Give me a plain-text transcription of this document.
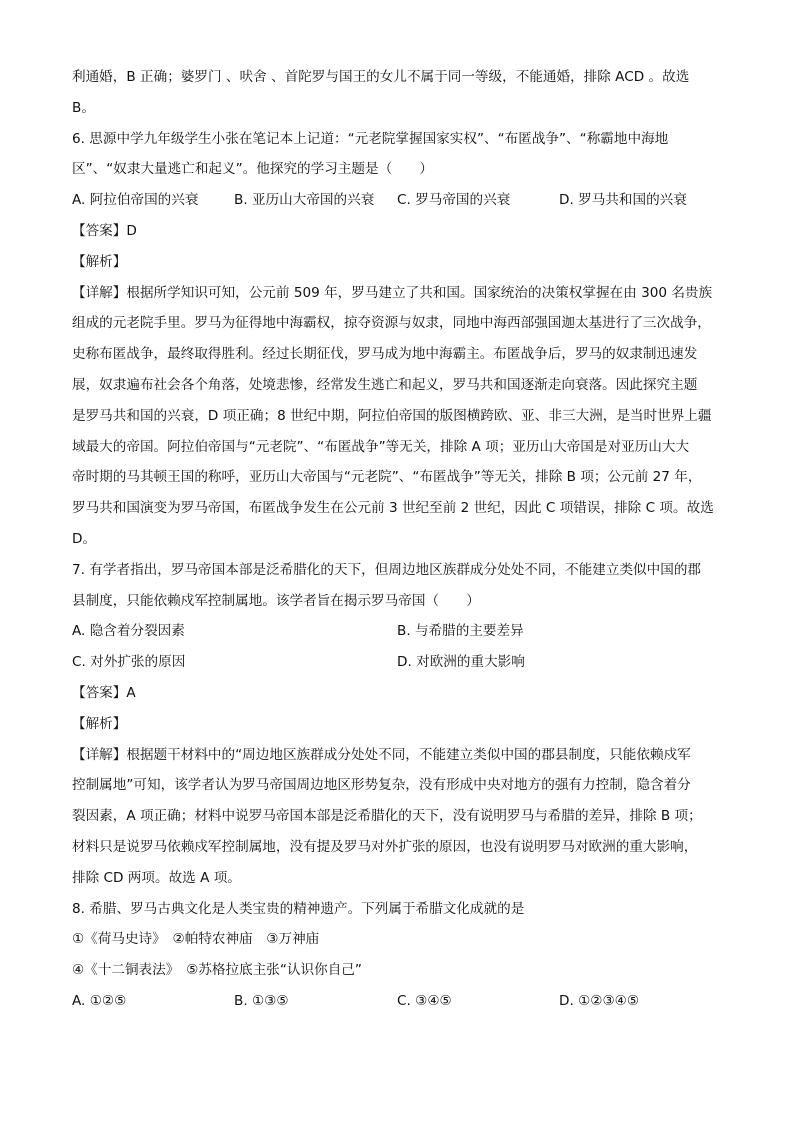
利通婚，B 正确；婆罗门 、吠舍 、首陀罗与国王的女儿不属于同一等级，不能通婚，排除 ACD 。故选
B。
6. 思源中学九年级学生小张在笔记本上记道：“元老院掌握国家实权”、“布匿战争”、“称霸地中海地
区”、“奴隶大量逃亡和起义”。他探究的学习主题是（　　）
A. 阿拉伯帝国的兴衰	B. 亚历山大帝国的兴衰 C. 罗马帝国的兴衰	D. 罗马共和国的兴衰
【答案】D
【解析】
【详解】根据所学知识可知，公元前 509 年，罗马建立了共和国。国家统治的决策权掌握在由 300 名贵族
组成的元老院手里。罗马为征得地中海霸权，掠夺资源与奴隶，同地中海西部强国迦太基进行了三次战争，
史称布匿战争，最终取得胜利。经过长期征伐，罗马成为地中海霸主。布匿战争后，罗马的奴隶制迅速发
展，奴隶遍布社会各个角落，处境悲惨，经常发生逃亡和起义，罗马共和国逐渐走向衰落。因此探究主题
是罗马共和国的兴衰，D 项正确；8 世纪中期，阿拉伯帝国的版图横跨欧、亚、非三大洲，是当时世界上疆
域最大的帝国。阿拉伯帝国与“元老院”、“布匿战争”等无关，排除 A 项；亚历山大帝国是对亚历山大大
帝时期的马其顿王国的称呼，亚历山大帝国与“元老院”、“布匿战争”等无关，排除 B 项；公元前 27 年，
罗马共和国演变为罗马帝国，布匿战争发生在公元前 3 世纪至前 2 世纪，因此 C 项错误，排除 C 项。故选
D。
7. 有学者指出，罗马帝国本部是泛希腊化的天下，但周边地区族群成分处处不同，不能建立类似中国的郡
县制度，只能依赖戍军控制属地。该学者旨在揭示罗马帝国（　　）
A. 隐含着分裂因素	B. 与希腊的主要差异
C. 对外扩张的原因	D. 对欧洲的重大影响
【答案】A
【解析】
【详解】根据题干材料中的“周边地区族群成分处处不同，不能建立类似中国的郡县制度，只能依赖戍军
控制属地”可知，该学者认为罗马帝国周边地区形势复杂，没有形成中央对地方的强有力控制，隐含着分
裂因素，A 项正确；材料中说罗马帝国本部是泛希腊化的天下，没有说明罗马与希腊的差异，排除 B 项；
材料只是说罗马依赖戍军控制属地，没有提及罗马对外扩张的原因，也没有说明罗马对欧洲的重大影响，
排除 CD 两项。故选 A 项。
8. 希腊、罗马古典文化是人类宝贵的精神遗产。下列属于希腊文化成就的是
①《荷马史诗》　②帕特农神庙　③万神庙
④《十二铜表法》　⑤苏格拉底主张“认识你自己”
A. ①②⑤	B. ①③⑤	C. ③④⑤	D. ①②③④⑤
